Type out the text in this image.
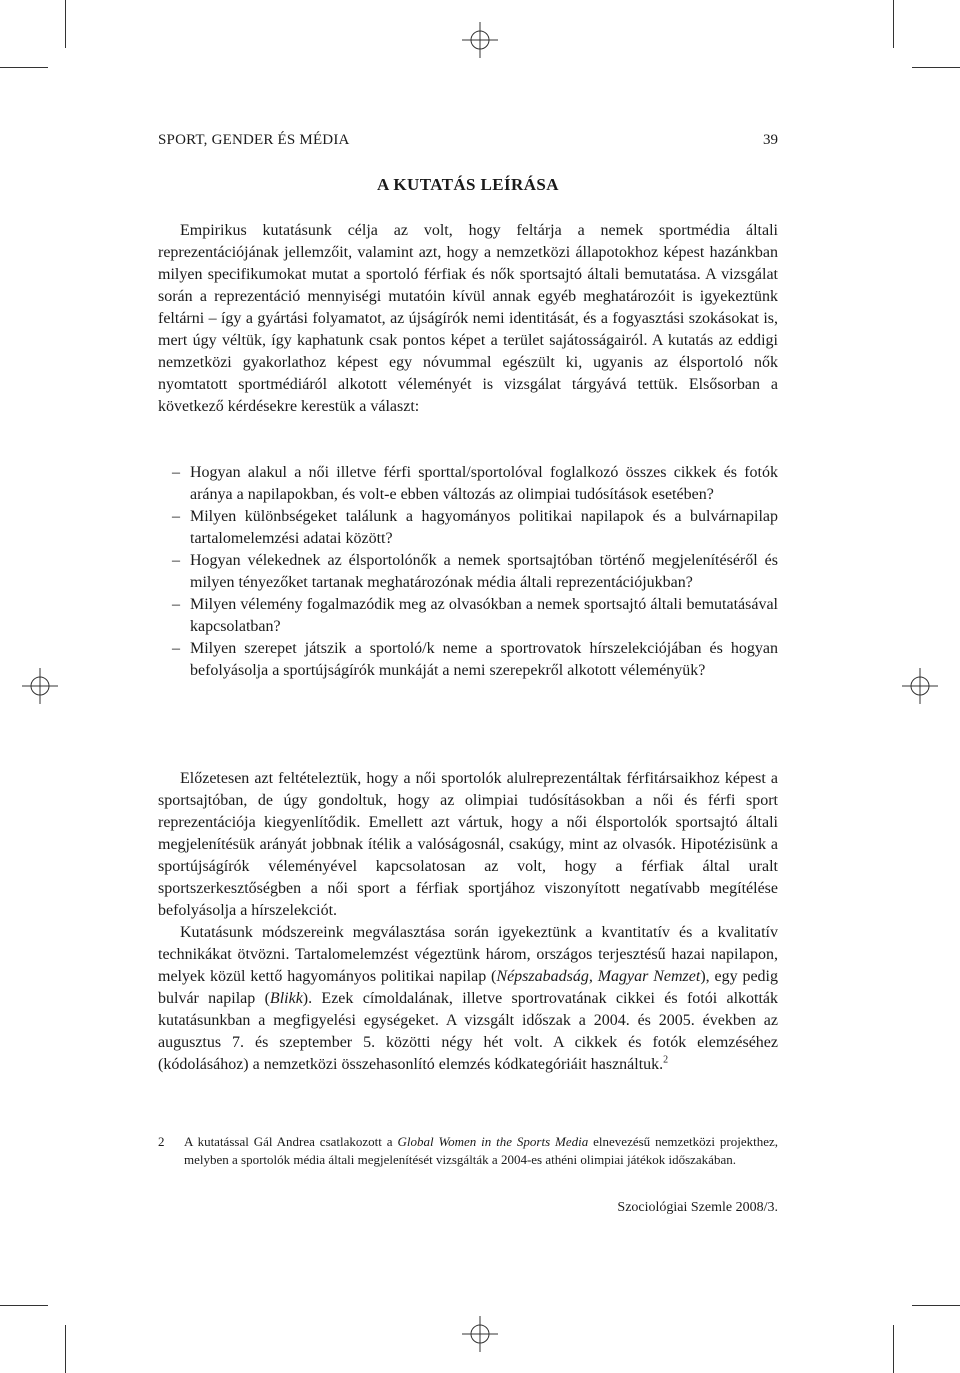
SPORT, GENDER ÉS MÉDIA	39
A KUTATÁS LEÍRÁSA

Empirikus kutatásunk célja az volt, hogy feltárja a nemek sportmédia általi reprezentációjának jellemzőit, valamint azt, hogy a nemzetközi állapotokhoz képest hazánkban milyen specifikumokat mutat a sportoló férfiak és nők sportsajtó általi bemutatása. A vizsgálat során a reprezentáció mennyiségi mutatóin kívül annak egyéb meghatározóit is igyekeztünk feltárni – így a gyártási folyamatot, az újságírók nemi identitását, és a fogyasztási szokásokat is, mert úgy véltük, így kaphatunk csak pontos képet a terület sajátosságairól. A kutatás az eddigi nemzetközi gyakorlathoz képest egy nóvummal egészült ki, ugyanis az élsportoló nők nyomtatott sportmédiáról alkotott véleményét is vizsgálat tárgyává tettük. Elsősorban a következő kérdésekre kerestük a választ:

– Hogyan alakul a női illetve férfi sporttal/sportolóval foglalkozó összes cikkek és fotók aránya a napilapokban, és volt-e ebben változás az olimpiai tudósítások esetében?
– Milyen különbségeket találunk a hagyományos politikai napilapok és a bulvárnapilap tartalomelemzési adatai között?
– Hogyan vélekednek az élsportolónők a nemek sportsajtóban történő megjelenítéséről és milyen tényezőket tartanak meghatározónak média általi reprezentációjukban?
– Milyen vélemény fogalmazódik meg az olvasókban a nemek sportsajtó általi bemutatásával kapcsolatban?
– Milyen szerepet játszik a sportoló/k neme a sportrovatok hírszelekciójában és hogyan befolyásolja a sportújságírók munkáját a nemi szerepekről alkotott véleményük?

Előzetesen azt feltételeztük, hogy a női sportolók alulreprezentáltak férfitársaikhoz képest a sportsajtóban, de úgy gondoltuk, hogy az olimpiai tudósításokban a női és férfi sport reprezentációja kiegyenlítődik. Emellett azt vártuk, hogy a női élsportolók sportsajtó általi megjelenítésük arányát jobbnak ítélik a valóságosnál, csakúgy, mint az olvasók. Hipotézisünk a sportújságírók véleményével kapcsolatosan az volt, hogy a férfiak által uralt sportszerkesztőségben a női sport a férfiak sportjához viszonyított negatívabb megítélése befolyásolja a hírszelekciót.

Kutatásunk módszereink megválasztása során igyekeztünk a kvantitatív és a kvalitatív technikákat ötvözni. Tartalomelemzést végeztünk három, országos terjesztésű hazai napilapon, melyek közül kettő hagyományos politikai napilap (Népszabadság, Magyar Nemzet), egy pedig bulvár napilap (Blikk). Ezek címoldalának, illetve sportrovatának cikkei és fotói alkották kutatásunkban a megfigyelési egységeket. A vizsgált időszak a 2004. és 2005. években az augusztus 7. és szeptember 5. közötti négy hét volt. A cikkek és fotók elemzéséhez (kódolásához) a nemzetközi összehasonlító elemzés kódkategóriáit használtuk.$^2$

2 A kutatással Gál Andrea csatlakozott a Global Women in the Sports Media elnevezésű nemzetközi projekthez, melyben a sportolók média általi megjelenítését vizsgálták a 2004-es athéni olimpiai játékok időszakában.
Szociológiai Szemle 2008/3.
